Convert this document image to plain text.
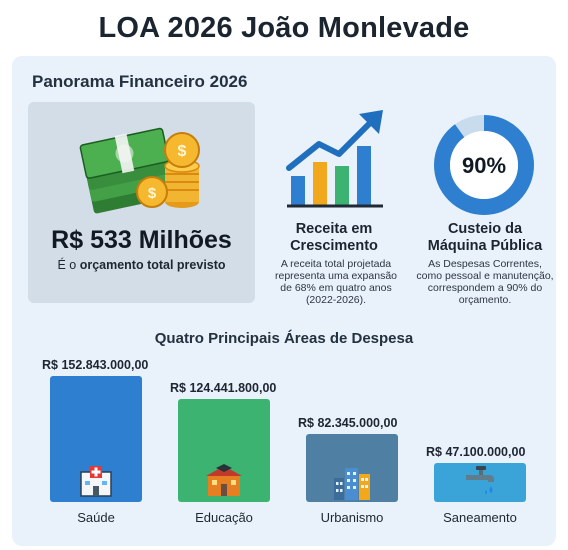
LOA 2026 João Monlevade
Panorama Financeiro 2026
$
$
R$ 533 Milhões
É o orçamento total previsto
90%
Receita em
Crescimento
A receita total projetada
representa uma expansão
de 68% em quatro anos
(2022-2026).
Custeio da
Máquina Pública
As Despesas Correntes,
como pessoal e manutenção,
correspondem a 90% do
orçamento.
Quatro Principais Áreas de Despesa
R$ 152.843.000,00
Saúde
R$ 124.441.800,00
Educação
R$ 82.345.000,00
Urbanismo
R$ 47.100.000,00
Saneamento
